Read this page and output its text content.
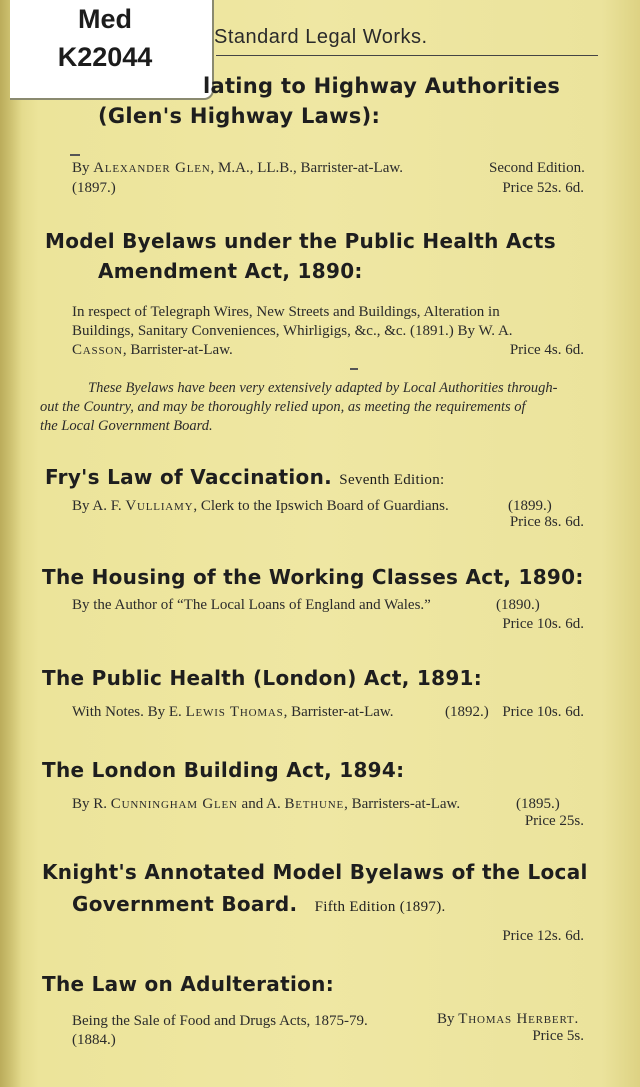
Med
K22044
Standard Legal Works.
lating to Highway Authorities
(Glen's Highway Laws):
By Alexander Glen, M.A., LL.B., Barrister-at-Law.	Second Edition.
(1897.)	Price 52s. 6d.
Model Byelaws under the Public Health Acts
Amendment Act, 1890:
In respect of Telegraph Wires, New Streets and Buildings, Alteration in
Buildings, Sanitary Conveniences, Whirligigs, &c., &c. (1891.) By W. A.
Casson, Barrister-at-Law.	Price 4s. 6d.
These Byelaws have been very extensively adapted by Local Authorities through-
out the Country, and may be thoroughly relied upon, as meeting the requirements of
the Local Government Board.
Fry's Law of Vaccination. Seventh Edition:
By A. F. Vulliamy, Clerk to the Ipswich Board of Guardians.	(1899.)
Price 8s. 6d.
The Housing of the Working Classes Act, 1890:
By the Author of “The Local Loans of England and Wales.”	(1890.)
Price 10s. 6d.
The Public Health (London) Act, 1891:
With Notes. By E. Lewis Thomas, Barrister-at-Law.	(1892.) Price 10s. 6d.
The London Building Act, 1894:
By R. Cunningham Glen and A. Bethune, Barristers-at-Law.	(1895.)
Price 25s.
Knight's Annotated Model Byelaws of the Local
Government Board. Fifth Edition (1897).
Price 12s. 6d.
The Law on Adulteration:
Being the Sale of Food and Drugs Acts, 1875-79.	By Thomas Herbert.
(1884.)	Price 5s.
